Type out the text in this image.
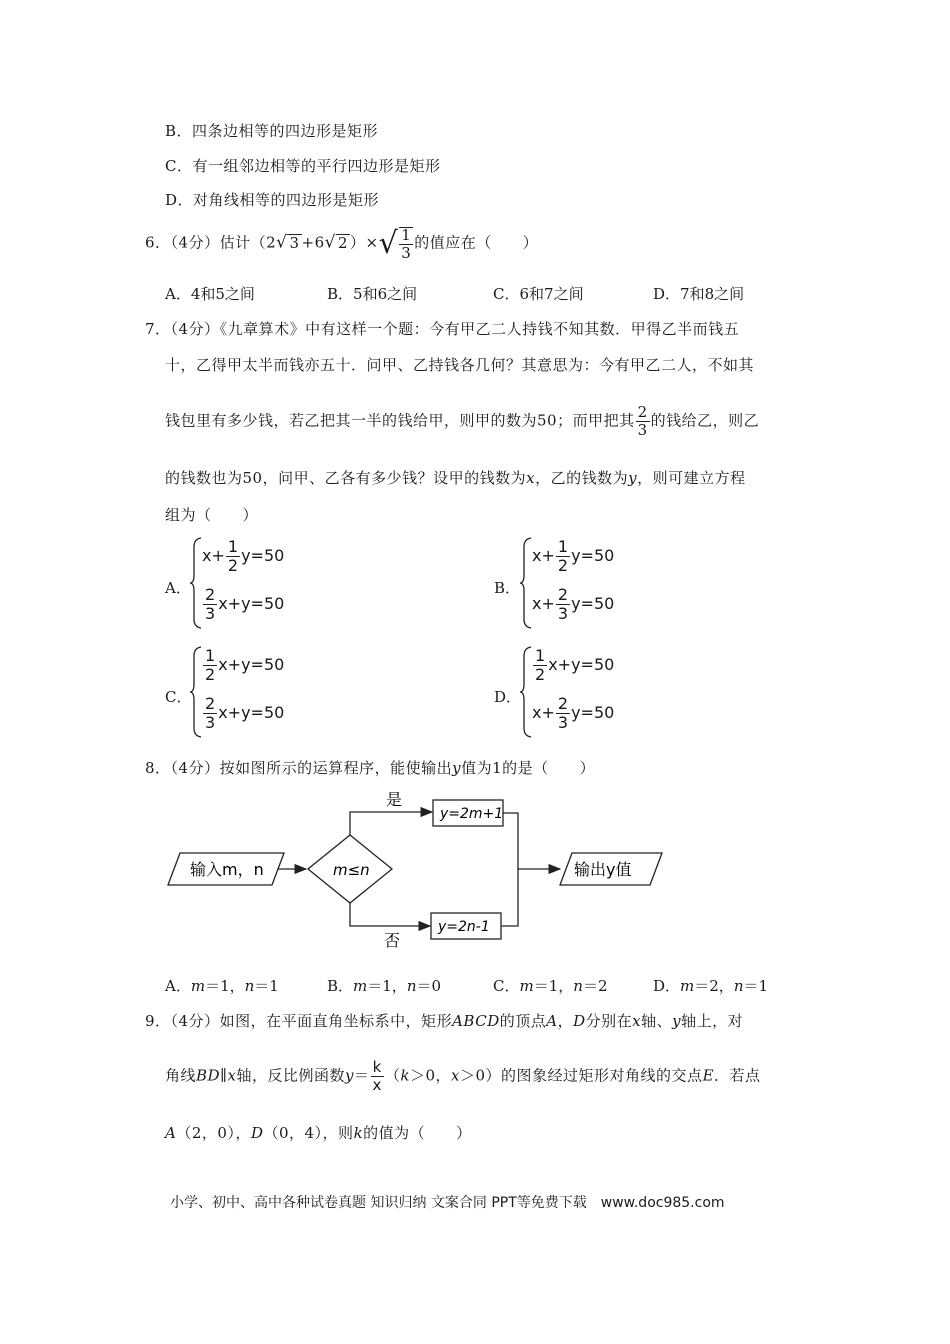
B．四条边相等的四边形是矩形
C．有一组邻边相等的平行四边形是矩形
D．对角线相等的四边形是矩形
6．（4分）估计（2√ 3 +6√ 2 ）×√ $\frac{1}{3}$ 的值应在（　　）
A．4和5之间	B．5和6之间	C．6和7之间	D．7和8之间
7．（4分）《九章算术》中有这样一个题：今有甲乙二人持钱不知其数．甲得乙半而钱五
十，乙得甲太半而钱亦五十．问甲、乙持钱各几何？其意思为：今有甲乙二人，不如其
钱包里有多少钱，若乙把其一半的钱给甲，则甲的数为50；而甲把其 $\frac{2}{3}$ 的钱给乙，则乙
的钱数也为50，问甲、乙各有多少钱？设甲的钱数为x，乙的钱数为y，则可建立方程
组为（　　）
A．
$x+ \frac{1}{2} y=50$
$\frac{2}{3} x+y=50$
B．
$x+ \frac{1}{2} y=50$
$x+ \frac{2}{3} y=50$
C．
$\frac{1}{2} x+y=50$
$\frac{2}{3} x+y=50$
D．
$\frac{1}{2} x+y=50$
$x+ \frac{2}{3} y=50$
8．（4分）按如图所示的运算程序，能使输出y值为1的是（　　）
输入m，n	m≤n
是
y=2m+1
否
y=2n-1
输出y值
A．m＝1，n＝1	B．m＝1，n＝0	C．m＝1，n＝2	D．m＝2，n＝1
9．（4分）如图，在平面直角坐标系中，矩形ABCD的顶点A，D分别在x轴、y轴上，对
角线BD∥x轴，反比例函数$y= \frac{k}{x} (k>0$，x＞0）的图象经过矩形对角线的交点E．若点
A（2，0），D（0，4），则k的值为（　　）
小学、初中、高中各种试卷真题 知识归纳 文案合同 PPT等免费下载　www.doc985.com
